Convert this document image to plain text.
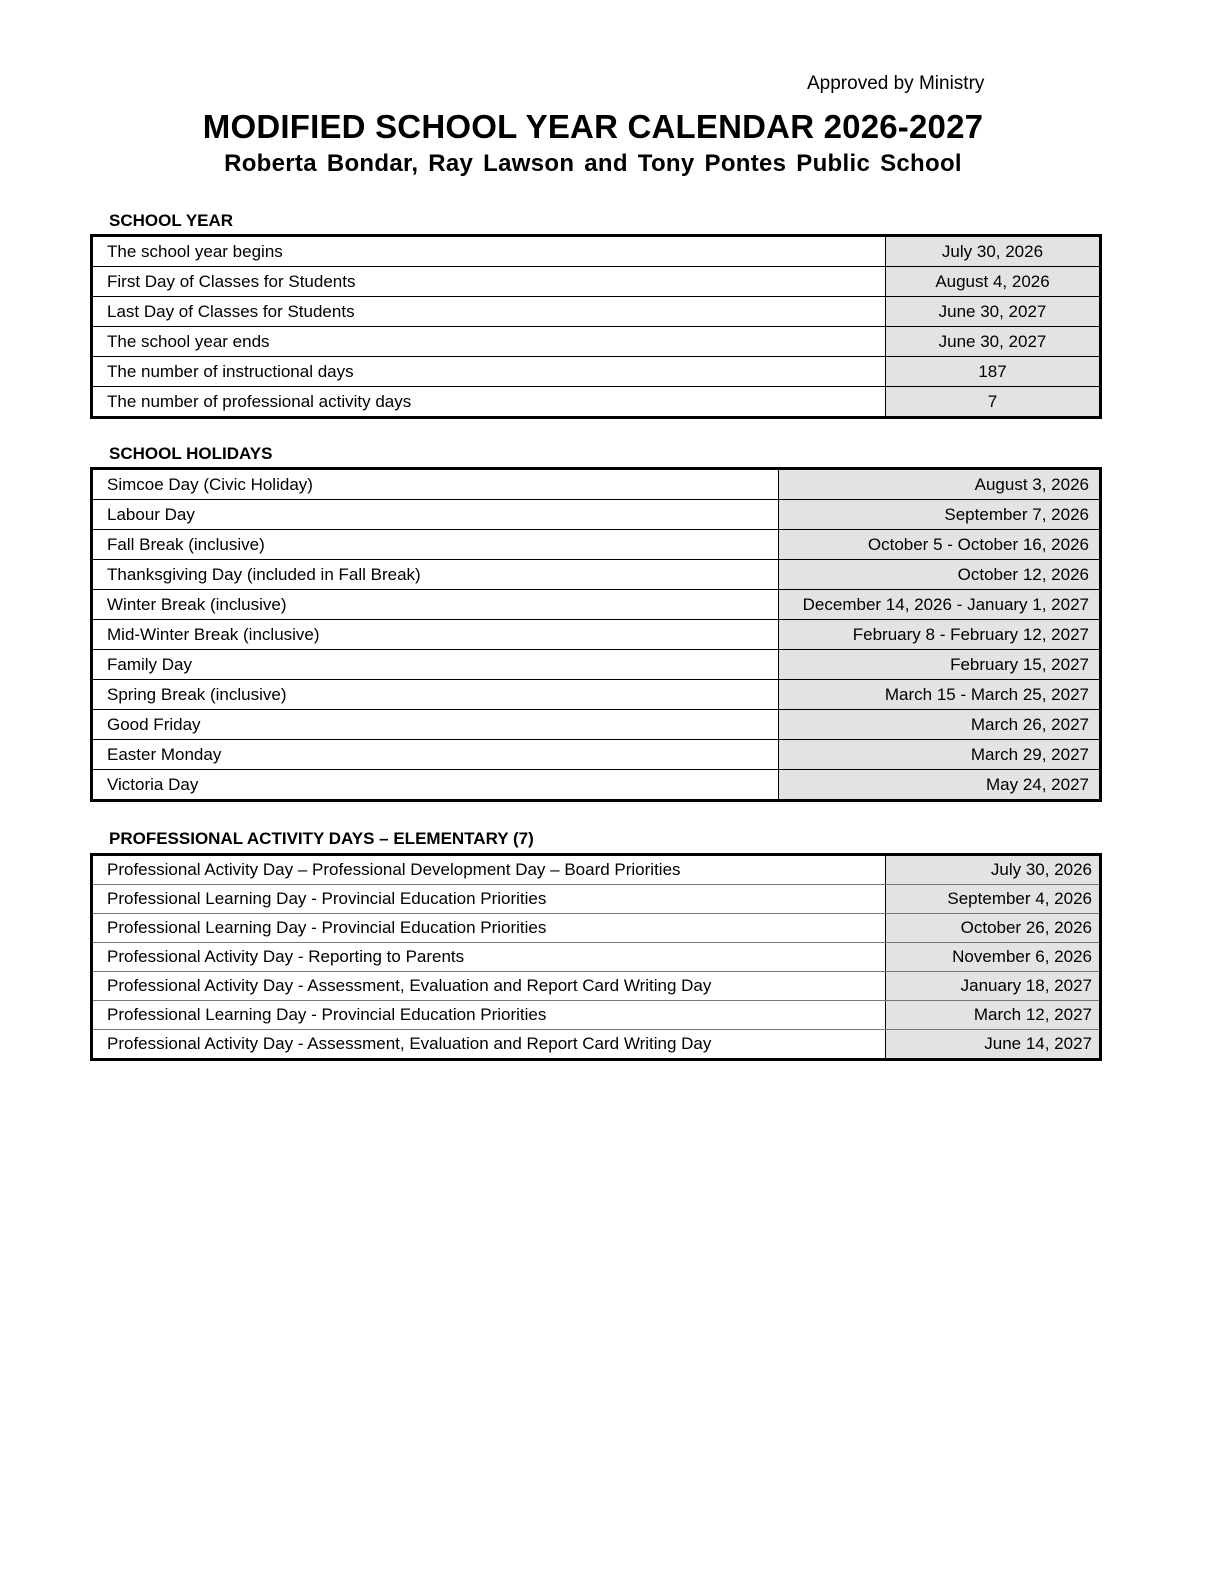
Approved by Ministry
MODIFIED SCHOOL YEAR CALENDAR 2026-2027
Roberta Bondar, Ray Lawson and Tony Pontes Public School
SCHOOL YEAR
The school year begins	July 30, 2026
First Day of Classes for Students	August 4, 2026
Last Day of Classes for Students	June 30, 2027
The school year ends	June 30, 2027
The number of instructional days	187
The number of professional activity days	7
SCHOOL HOLIDAYS
Simcoe Day (Civic Holiday)	August 3, 2026
Labour Day	September 7, 2026
Fall Break (inclusive)	October 5 - October 16, 2026
Thanksgiving Day (included in Fall Break)	October 12, 2026
Winter Break (inclusive)	December 14, 2026 - January 1, 2027
Mid-Winter Break (inclusive)	February 8 - February 12, 2027
Family Day	February 15, 2027
Spring Break (inclusive)	March 15 - March 25, 2027
Good Friday	March 26, 2027
Easter Monday	March 29, 2027
Victoria Day	May 24, 2027
PROFESSIONAL ACTIVITY DAYS – ELEMENTARY (7)
Professional Activity Day – Professional Development Day – Board Priorities	July 30, 2026
Professional Learning Day - Provincial Education Priorities	September 4, 2026
Professional Learning Day - Provincial Education Priorities	October 26, 2026
Professional Activity Day - Reporting to Parents	November 6, 2026
Professional Activity Day - Assessment, Evaluation and Report Card Writing Day	January 18, 2027
Professional Learning Day - Provincial Education Priorities	March 12, 2027
Professional Activity Day - Assessment, Evaluation and Report Card Writing Day	June 14, 2027
